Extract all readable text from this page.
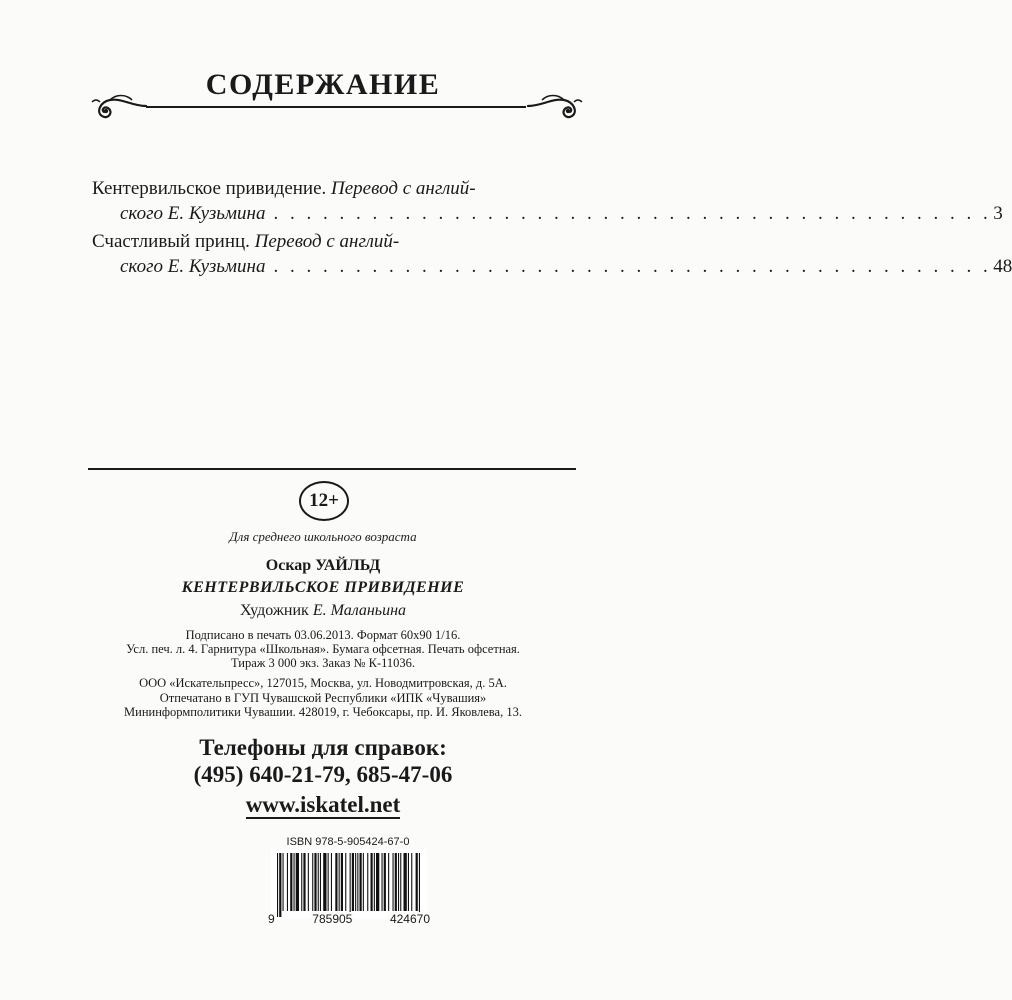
СОДЕРЖАНИЕ
Кентервильское привидение. Перевод с англий-
ского Е. Кузьмина . . . . . . . . . . . . . . . . . . . . . . . . . . . . . . . . . . . . . . . . . . . . 3
Счастливый принц. Перевод с англий-
ского Е. Кузьмина . . . . . . . . . . . . . . . . . . . . . . . . . . . . . . . . . . . . . . . . . . . . 48
12+
Для среднего школьного возраста
Оскар УАЙЛЬД
КЕНТЕРВИЛЬСКОЕ ПРИВИДЕНИЕ
Художник Е. Маланьина
Подписано в печать 03.06.2013. Формат 60x90 1/16.
Усл. печ. л. 4. Гарнитура «Школьная». Бумага офсетная. Печать офсетная.
Тираж 3 000 экз. Заказ № К-11036.
ООО «Искательпресс», 127015, Москва, ул. Новодмитровская, д. 5А.
Отпечатано в ГУП Чувашской Республики «ИПК «Чувашия»
Мининформполитики Чувашии. 428019, г. Чебоксары, пр. И. Яковлева, 13.
Телефоны для справок:
(495) 640-21-79, 685-47-06
www.iskatel.net
ISBN 978-5-905424-67-0
9	785905	424670
